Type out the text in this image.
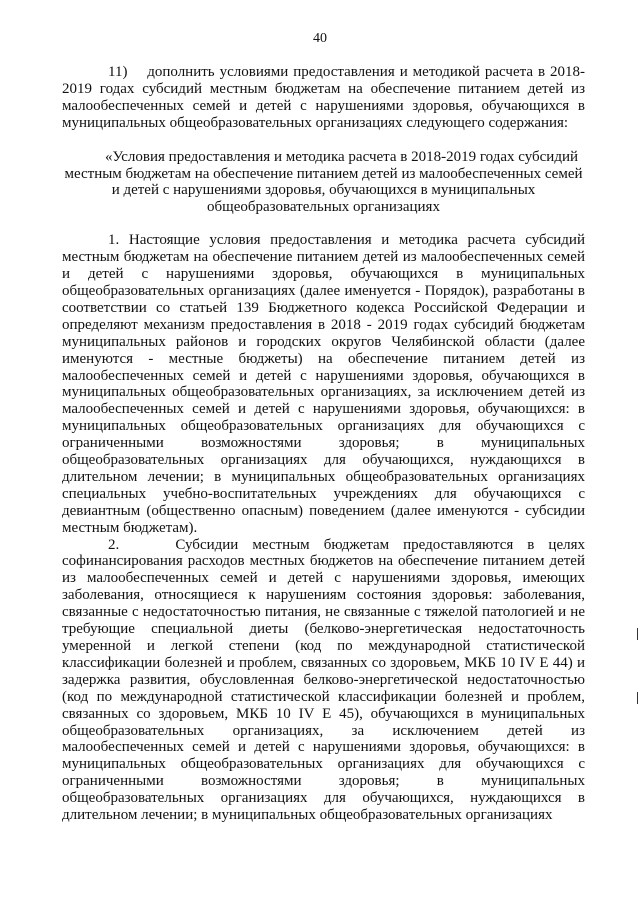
40

11)    дополнить условиями предоставления и методикой расчета в 2018-2019 годах субсидий местным бюджетам на обеспечение питанием детей из малообеспеченных семей и детей с нарушениями здоровья, обучающихся в муниципальных общеобразовательных организациях следующего содержания:

«Условия предоставления и методика расчета в 2018-2019 годах субсидий местным бюджетам на обеспечение питанием детей из малообеспеченных семей и детей с нарушениями здоровья, обучающихся в муниципальных общеобразовательных организациях

1. Настоящие условия предоставления и методика расчета субсидий местным бюджетам на обеспечение питанием детей из малообеспеченных семей и детей с нарушениями здоровья, обучающихся в муниципальных общеобразовательных организациях (далее именуется - Порядок), разработаны в соответствии со статьей 139 Бюджетного кодекса Российской Федерации и определяют механизм предоставления в 2018 - 2019 годах субсидий бюджетам муниципальных районов и городских округов Челябинской области (далее именуются - местные бюджеты) на обеспечение питанием детей из малообеспеченных семей и детей с нарушениями здоровья, обучающихся в муниципальных общеобразовательных организациях, за исключением детей из малообеспеченных семей и детей с нарушениями здоровья, обучающихся: в муниципальных общеобразовательных организациях для обучающихся с ограниченными возможностями здоровья; в муниципальных общеобразовательных организациях для обучающихся, нуждающихся в длительном лечении; в муниципальных общеобразовательных организациях специальных учебно-воспитательных учреждениях для обучающихся с девиантным (общественно опасным) поведением (далее именуются - субсидии местным бюджетам).

2.    Субсидии местным бюджетам предоставляются в целях софинансирования расходов местных бюджетов на обеспечение питанием детей из малообеспеченных семей и детей с нарушениями здоровья, имеющих заболевания, относящиеся к нарушениям состояния здоровья: заболевания, связанные с недостаточностью питания, не связанные с тяжелой патологией и не требующие специальной диеты (белково-энергетическая недостаточность умеренной и легкой степени (код по международной статистической классификации болезней и проблем, связанных со здоровьем, МКБ 10 IV Е 44) и задержка развития, обусловленная белково-энергетической недостаточностью (код по международной статистической классификации болезней и проблем, связанных со здоровьем, МКБ 10 IV Е 45), обучающихся в муниципальных общеобразовательных организациях, за исключением детей из малообеспеченных семей и детей с нарушениями здоровья, обучающихся: в муниципальных общеобразовательных организациях для обучающихся с ограниченными возможностями здоровья; в муниципальных общеобразовательных организациях для обучающихся, нуждающихся в длительном лечении; в муниципальных общеобразовательных организациях
